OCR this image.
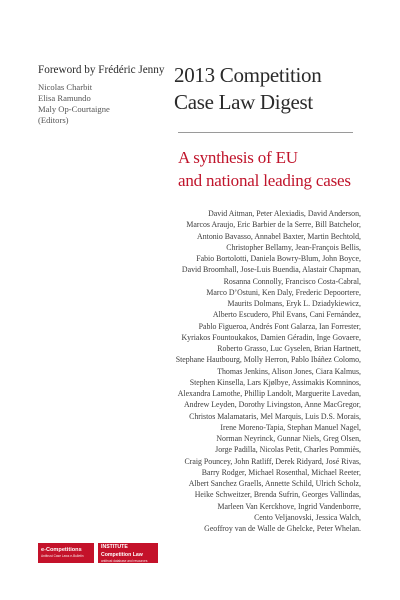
Foreword by Frédéric Jenny
Nicolas Charbit
Elisa Ramundo
Maly Op-Courtaigne
(Editors)
2013 Competition
Case Law Digest
A synthesis of EU
and national leading cases
David Aitman, Peter Alexiadis, David Anderson,
Marcos Araujo, Eric Barbier de la Serre, Bill Batchelor,
Antonio Bavasso, Annabel Baxter, Martin Bechtold,
Christopher Bellamy, Jean-François Bellis,
Fabio Bortolotti, Daniela Bowry-Blum, John Boyce,
David Broomhall, Jose-Luis Buendia, Alastair Chapman,
Rosanna Connolly, Francisco Costa-Cabral,
Marco D’Ostuni, Ken Daly, Frederic Depoortere,
Maurits Dolmans, Eryk L. Dziadykiewicz,
Alberto Escudero, Phil Evans, Cani Fernández,
Pablo Figueroa, Andrés Font Galarza, Ian Forrester,
Kyriakos Fountoukakos, Damien Géradin, Inge Govaere,
Roberto Grasso, Luc Gyselen, Brian Hartnett,
Stephane Hautbourg, Molly Herron, Pablo Ibáñez Colomo,
Thomas Jenkins, Alison Jones, Ciara Kalmus,
Stephen Kinsella, Lars Kjølbye, Assimakis Komninos,
Alexandra Lamothe, Phillip Landolt, Marguerite Lavedan,
Andrew Leyden, Dorothy Livingston, Anne MacGregor,
Christos Malamataris, Mel Marquis, Luis D.S. Morais,
Irene Moreno-Tapia, Stephan Manuel Nagel,
Norman Neyrinck, Gunnar Niels, Greg Olsen,
Jorge Padilla, Nicolas Petit, Charles Pommiès,
Craig Pouncey, John Ratliff, Derek Ridyard, José Rivas,
Barry Rodger, Michael Rosenthal, Michael Reeter,
Albert Sanchez Graells, Annette Schild, Ulrich Scholz,
Heike Schweitzer, Brenda Sufrin, Georges Vallindas,
Marleen Van Kerckhove, Ingrid Vandenborre,
Cento Veljanovski, Jessica Walch,
Geoffroy van de Walle de Ghelcke, Peter Whelan.
e-Competitions
Antitrust Case Laws e-Bulletin
INSTITUTE
Competition Law
antitrust database and resources
